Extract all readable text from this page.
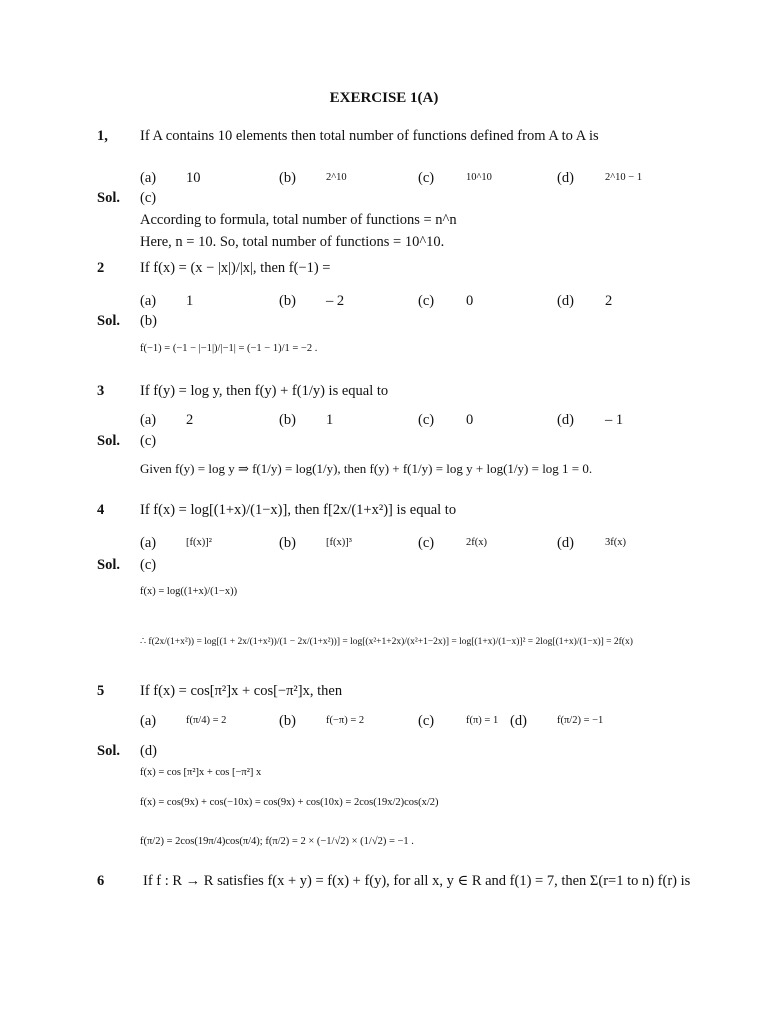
EXERCISE 1(A)
1, If A contains 10 elements then total number of functions defined from A to A is
(a) 10	(b)	2^10	(c)	10^10	(d)	2^10 − 1
Sol. (c)
According to formula, total number of functions = n^n
Here, n = 10. So, total number of functions = 10^10.
2 If f(x) = (x − |x|)/|x|, then f(−1) =
(a) 1	(b) – 2	(c) 0	(d) 2
Sol. (b)
f(−1) = (−1 − |−1|)/|−1| = (−1 − 1)/1 = −2 .
3 If f(y) = log y, then f(y) + f(1/y) is equal to
(a) 2	(b) 1	(c) 0	(d) – 1
Sol. (c)
Given f(y) = log y ⇒ f(1/y) = log(1/y), then f(y) + f(1/y) = log y + log(1/y) = log 1 = 0.
4 If f(x) = log[(1+x)/(1−x)], then f[2x/(1+x²)] is equal to
(a)	[f(x)]²	(b)	[f(x)]³	(c)	2f(x)	(d)	3f(x)
Sol. (c)
f(x) = log((1+x)/(1−x))
∴ f(2x/(1+x²)) = log[(1 + 2x/(1+x²))/(1 − 2x/(1+x²))] = log[(x²+1+2x)/(x²+1−2x)] = log[(1+x)/(1−x)]² = 2log[(1+x)/(1−x)] = 2f(x)
5 If f(x) = cos[π²]x + cos[−π²]x, then
(a)	f(π/4) = 2	(b)	f(−π) = 2	(c)	f(π) = 1 (d)	f(π/2) = −1
Sol. (d)
f(x) = cos [π²]x + cos [−π²] x
f(x) = cos(9x) + cos(−10x) = cos(9x) + cos(10x) = 2cos(19x/2)cos(x/2)
f(π/2) = 2cos(19π/4)cos(π/4); f(π/2) = 2 × (−1/√2) × (1/√2) = −1 .
6	If f : R → R satisfies f(x + y) = f(x) + f(y), for all x, y ∈ R and f(1) = 7, then Σ(r=1 to n) f(r) is
